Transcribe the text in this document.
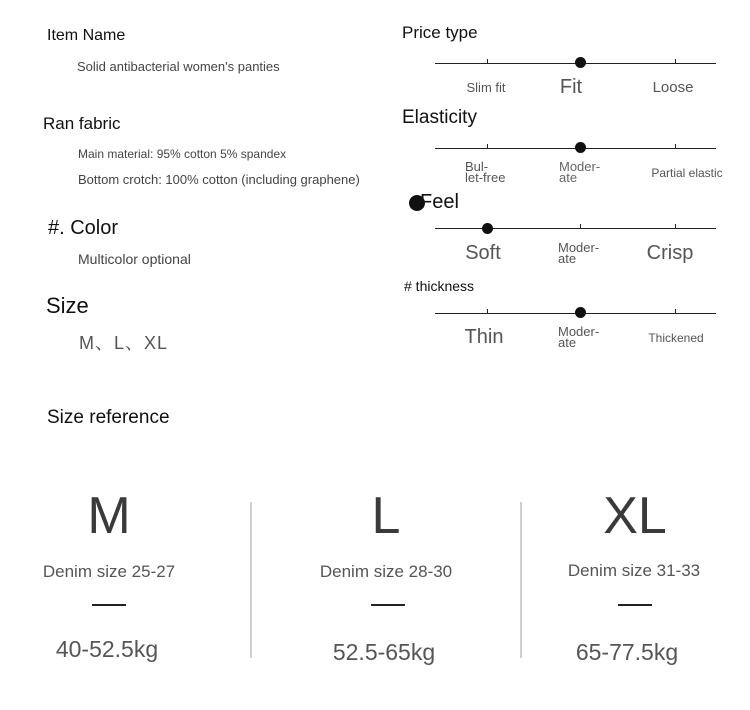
Item Name
Solid antibacterial women's panties
Ran fabric
Main material: 95% cotton 5% spandex
Bottom crotch: 100% cotton (including graphene)
#. Color
Multicolor optional
Size
M、L、XL
Price type
Slim fit	Fit	Loose
Elasticity
Bul-
let-free
Moder-
ate	Partial elastic
Feel
Soft	Moder-
ate	Crisp
# thickness
Thin	Moder-
ate	Thickened
Size reference
M
Denim size 25-27
40-52.5kg
L
Denim size 28-30
52.5-65kg
XL
Denim size 31-33
65-77.5kg
